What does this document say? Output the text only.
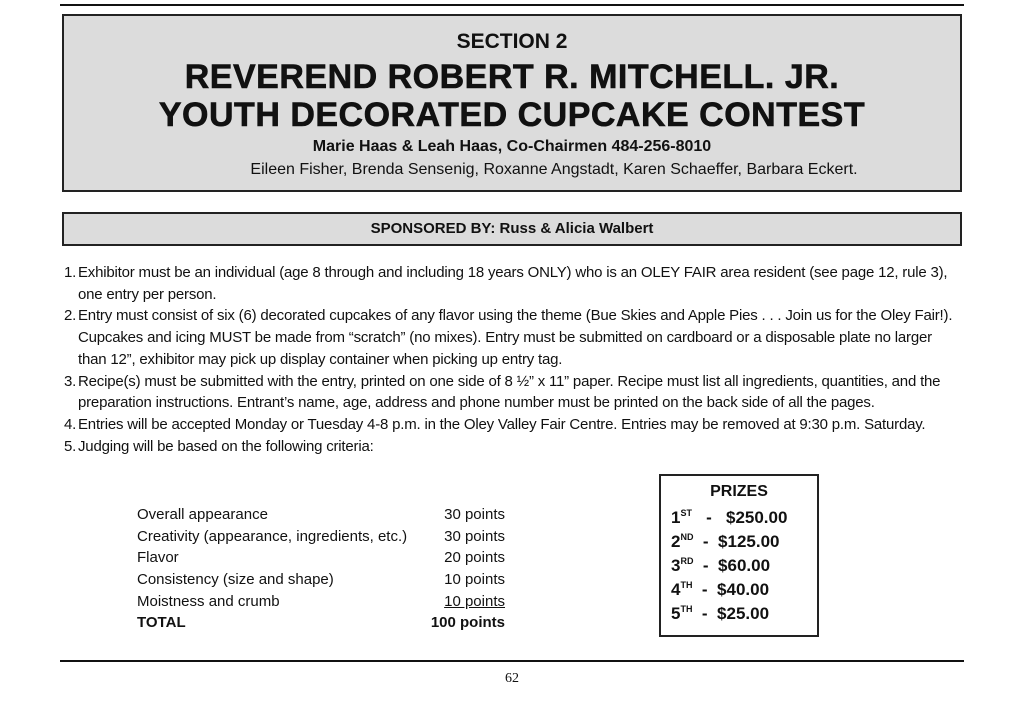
SECTION 2
REVEREND ROBERT R. MITCHELL. JR.
YOUTH DECORATED CUPCAKE CONTEST
Marie Haas & Leah Haas, Co-Chairmen 484-256-8010
Eileen Fisher, Brenda Sensenig, Roxanne Angstadt, Karen Schaeffer, Barbara Eckert.
SPONSORED BY: Russ & Alicia Walbert
1. Exhibitor must be an individual (age 8 through and including 18 years ONLY) who is an OLEY FAIR area resident (see page 12, rule 3), one entry per person.
2. Entry must consist of six (6) decorated cupcakes of any flavor using the theme (Bue Skies and Apple Pies . . . Join us for the Oley Fair!). Cupcakes and icing MUST be made from “scratch” (no mixes). Entry must be submitted on cardboard or a disposable plate no larger than 12”, exhibitor may pick up display container when picking up entry tag.
3. Recipe(s) must be submitted with the entry, printed on one side of 8 ½” x 11” paper. Recipe must list all ingredients, quantities, and the preparation instructions. Entrant’s name, age, address and phone number must be printed on the back side of all the pages.
4. Entries will be accepted Monday or Tuesday 4-8 p.m. in the Oley Valley Fair Centre. Entries may be removed at 9:30 p.m. Saturday.
5. Judging will be based on the following criteria:
Overall appearance	30 points
Creativity (appearance, ingredients, etc.) 30 points
Flavor	20 points
Consistency (size and shape)	10 points
Moistness and crumb	10 points
TOTAL	100 points
PRIZES
1ST   -   $250.00
2ND  -  $125.00
3RD  -  $60.00
4TH  -  $40.00
5TH  -  $25.00
62
